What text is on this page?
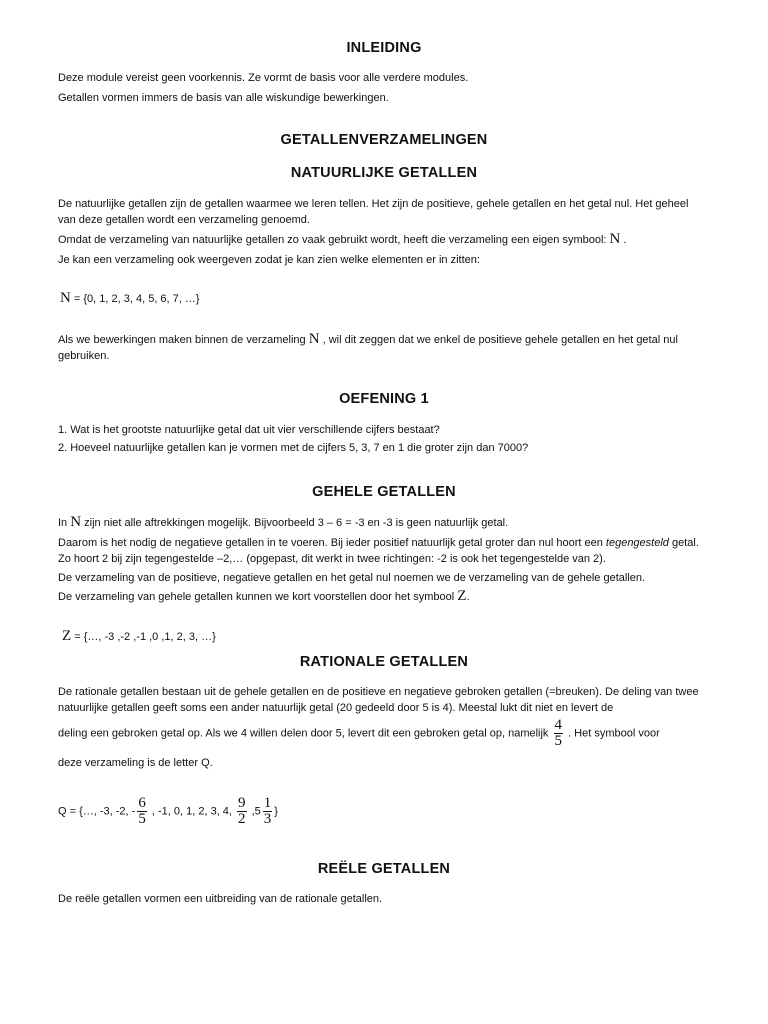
INLEIDING
Deze module vereist geen voorkennis. Ze vormt de basis voor alle verdere modules.
Getallen vormen immers de basis van alle wiskundige bewerkingen.
GETALLENVERZAMELINGEN
NATUURLIJKE GETALLEN
De natuurlijke getallen zijn de getallen waarmee we leren tellen. Het zijn de positieve, gehele getallen en het getal nul. Het geheel van deze getallen wordt een verzameling genoemd.
Omdat de verzameling van natuurlijke getallen zo vaak gebruikt wordt, heeft die verzameling een eigen symbool: N .
Je kan een verzameling ook weergeven zodat je kan zien welke elementen er in zitten:
N = {0, 1, 2, 3, 4, 5, 6, 7, …}
Als we bewerkingen maken binnen de verzameling N , wil dit zeggen dat we enkel de positieve gehele getallen en het getal nul gebruiken.
OEFENING 1
1. Wat is het grootste natuurlijke getal dat uit vier verschillende cijfers bestaat?
2. Hoeveel natuurlijke getallen kan je vormen met de cijfers 5, 3, 7 en 1 die groter zijn dan 7000?
GEHELE GETALLEN
In N zijn niet alle aftrekkingen mogelijk. Bijvoorbeeld 3 – 6 = -3 en -3 is geen natuurlijk getal.
Daarom is het nodig de negatieve getallen in te voeren. Bij ieder positief natuurlijk getal groter dan nul hoort een tegengesteld getal. Zo hoort 2 bij zijn tegengestelde –2,… (opgepast, dit werkt in twee richtingen: -2 is ook het tegengestelde van 2).
De verzameling van de positieve, negatieve getallen en het getal nul noemen we de verzameling van de gehele getallen.
De verzameling van gehele getallen kunnen we kort voorstellen door het symbool Z.
Z = {…, -3 ,-2 ,-1 ,0 ,1, 2, 3, …}
RATIONALE GETALLEN
De rationale getallen bestaan uit de gehele getallen en de positieve en negatieve gebroken getallen (=breuken). De deling van twee natuurlijke getallen geeft soms een ander natuurlijk getal (20 gedeeld door 5 is 4). Meestal lukt dit niet en levert de
deling een gebroken getal op. Als we 4 willen delen door 5, levert dit een gebroken getal op, namelijk $\frac{4}{5}$ . Het symbool voor
deze verzameling is de letter Q.
Q = {…, -3, -2, - $\frac{6}{5}$ , -1, 0, 1, 2, 3, 4, $\frac{9}{2} ,5 \frac{1}{3}$ }
REËLE GETALLEN
De reële getallen vormen een uitbreiding van de rationale getallen.
